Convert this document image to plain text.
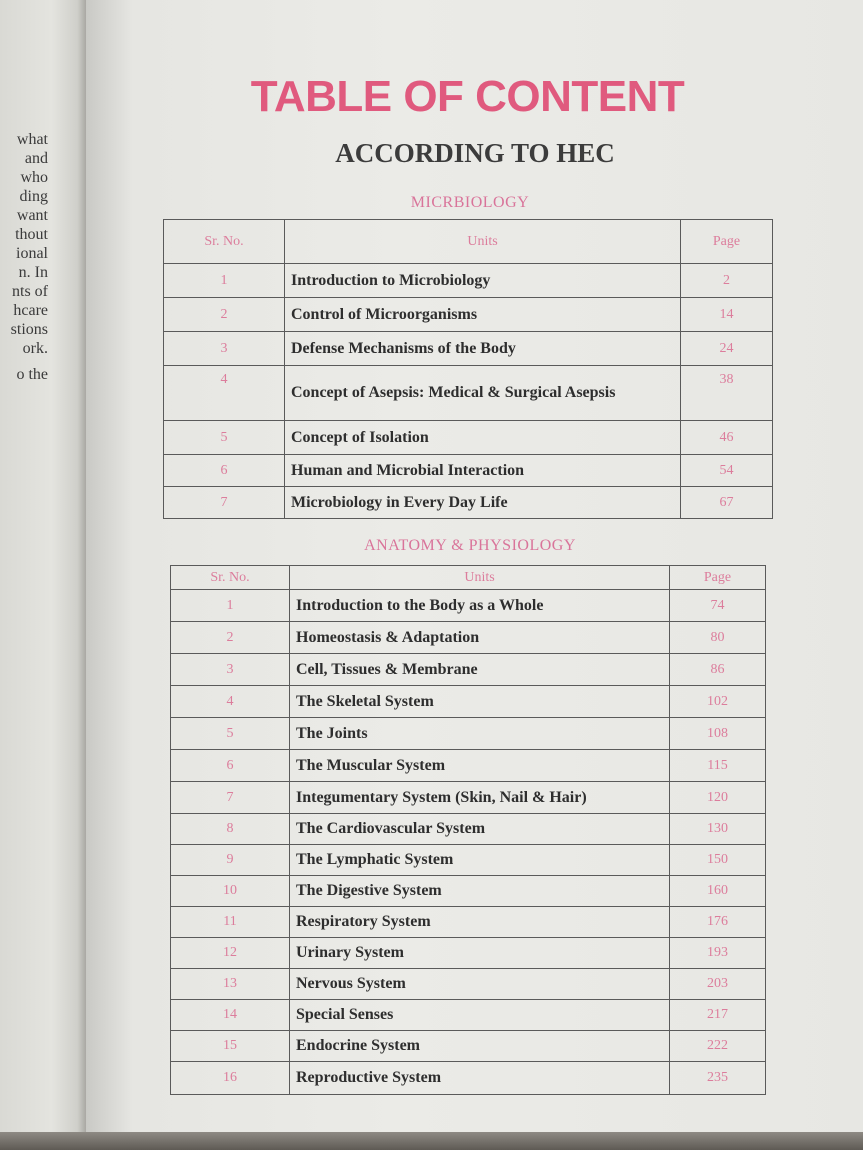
what
and
who
ding
want
thout
ional
n. In
nts of
hcare
stions
ork.
o the
TABLE OF CONTENT
ACCORDING TO HEC
MICRBIOLOGY
Sr. No.	Units	Page
1	Introduction to Microbiology	2
2	Control of Microorganisms	14
3	Defense Mechanisms of the Body	24
4	Concept of Asepsis: Medical & Surgical Asepsis	38
5	Concept of Isolation	46
6	Human and Microbial Interaction	54
7	Microbiology in Every Day Life	67
ANATOMY & PHYSIOLOGY
Sr. No.	Units	Page
1	Introduction to the Body as a Whole	74
2	Homeostasis & Adaptation	80
3	Cell, Tissues & Membrane	86
4	The Skeletal System	102
5	The Joints	108
6	The Muscular System	115
7	Integumentary System (Skin, Nail & Hair)	120
8	The Cardiovascular System	130
9	The Lymphatic System	150
10	The Digestive System	160
11	Respiratory System	176
12	Urinary System	193
13	Nervous System	203
14	Special Senses	217
15	Endocrine System	222
16	Reproductive System	235
